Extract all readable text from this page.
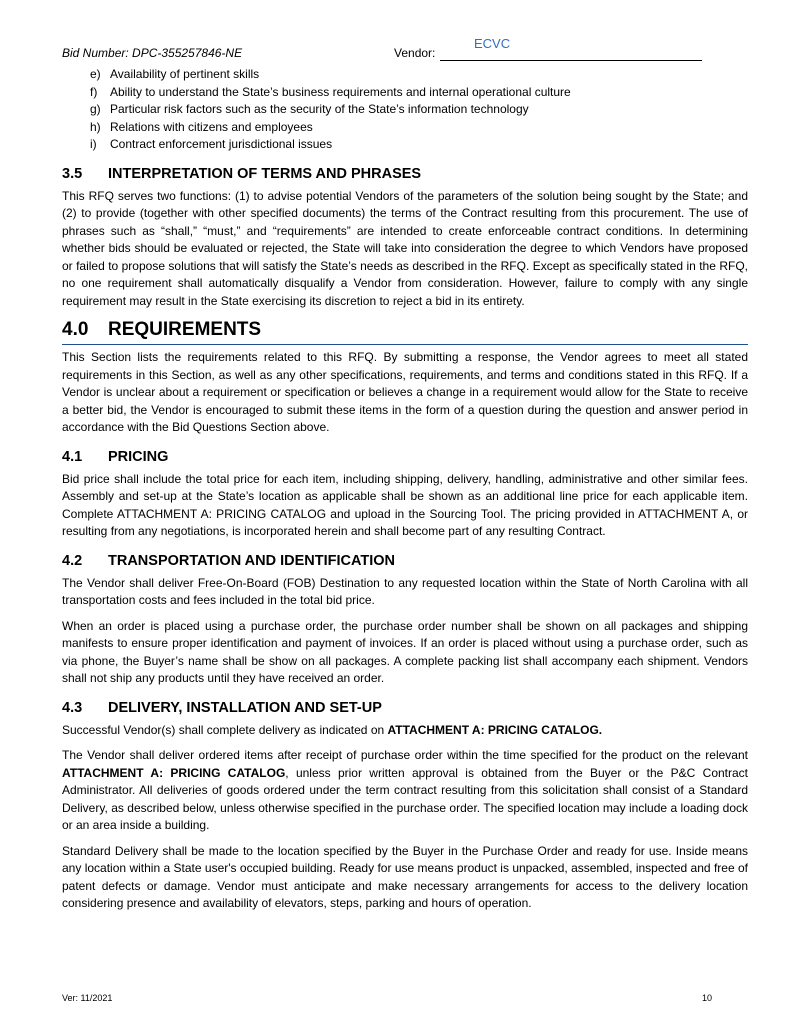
Bid Number: DPC-355257846-NE	Vendor:
ECVC
e) Availability of pertinent skills
f) Ability to understand the State’s business requirements and internal operational culture
g) Particular risk factors such as the security of the State’s information technology
h) Relations with citizens and employees
i) Contract enforcement jurisdictional issues
3.5 INTERPRETATION OF TERMS AND PHRASES

This RFQ serves two functions: (1) to advise potential Vendors of the parameters of the solution being sought by the State; and (2) to provide (together with other specified documents) the terms of the Contract resulting from this procurement. The use of phrases such as “shall,” “must,” and “requirements” are intended to create enforceable contract conditions. In determining whether bids should be evaluated or rejected, the State will take into consideration the degree to which Vendors have proposed or failed to propose solutions that will satisfy the State’s needs as described in the RFQ. Except as specifically stated in the RFQ, no one requirement shall automatically disqualify a Vendor from consideration. However, failure to comply with any single requirement may result in the State exercising its discretion to reject a bid in its entirety.

4.0 REQUIREMENTS

This Section lists the requirements related to this RFQ. By submitting a response, the Vendor agrees to meet all stated requirements in this Section, as well as any other specifications, requirements, and terms and conditions stated in this RFQ. If a Vendor is unclear about a requirement or specification or believes a change in a requirement would allow for the State to receive a better bid, the Vendor is encouraged to submit these items in the form of a question during the question and answer period in accordance with the Bid Questions Section above.

4.1 PRICING

Bid price shall include the total price for each item, including shipping, delivery, handling, administrative and other similar fees. Assembly and set-up at the State’s location as applicable shall be shown as an additional line price for each applicable item. Complete ATTACHMENT A: PRICING CATALOG and upload in the Sourcing Tool. The pricing provided in ATTACHMENT A, or resulting from any negotiations, is incorporated herein and shall become part of any resulting Contract.

4.2 TRANSPORTATION AND IDENTIFICATION

The Vendor shall deliver Free-On-Board (FOB) Destination to any requested location within the State of North Carolina with all transportation costs and fees included in the total bid price.

When an order is placed using a purchase order, the purchase order number shall be shown on all packages and shipping manifests to ensure proper identification and payment of invoices. If an order is placed without using a purchase order, such as via phone, the Buyer’s name shall be show on all packages. A complete packing list shall accompany each shipment. Vendors shall not ship any products until they have received an order.

4.3 DELIVERY, INSTALLATION AND SET-UP

Successful Vendor(s) shall complete delivery as indicated on ATTACHMENT A: PRICING CATALOG.

The Vendor shall deliver ordered items after receipt of purchase order within the time specified for the product on the relevant ATTACHMENT A: PRICING CATALOG, unless prior written approval is obtained from the Buyer or the P&C Contract Administrator. All deliveries of goods ordered under the term contract resulting from this solicitation shall consist of a Standard Delivery, as described below, unless otherwise specified in the purchase order. The specified location may include a loading dock or an area inside a building.

Standard Delivery shall be made to the location specified by the Buyer in the Purchase Order and ready for use. Inside means any location within a State user's occupied building. Ready for use means product is unpacked, assembled, inspected and free of patent defects or damage. Vendor must anticipate and make necessary arrangements for access to the delivery location considering presence and availability of elevators, steps, parking and hours of operation.

Ver: 11/2021	10
